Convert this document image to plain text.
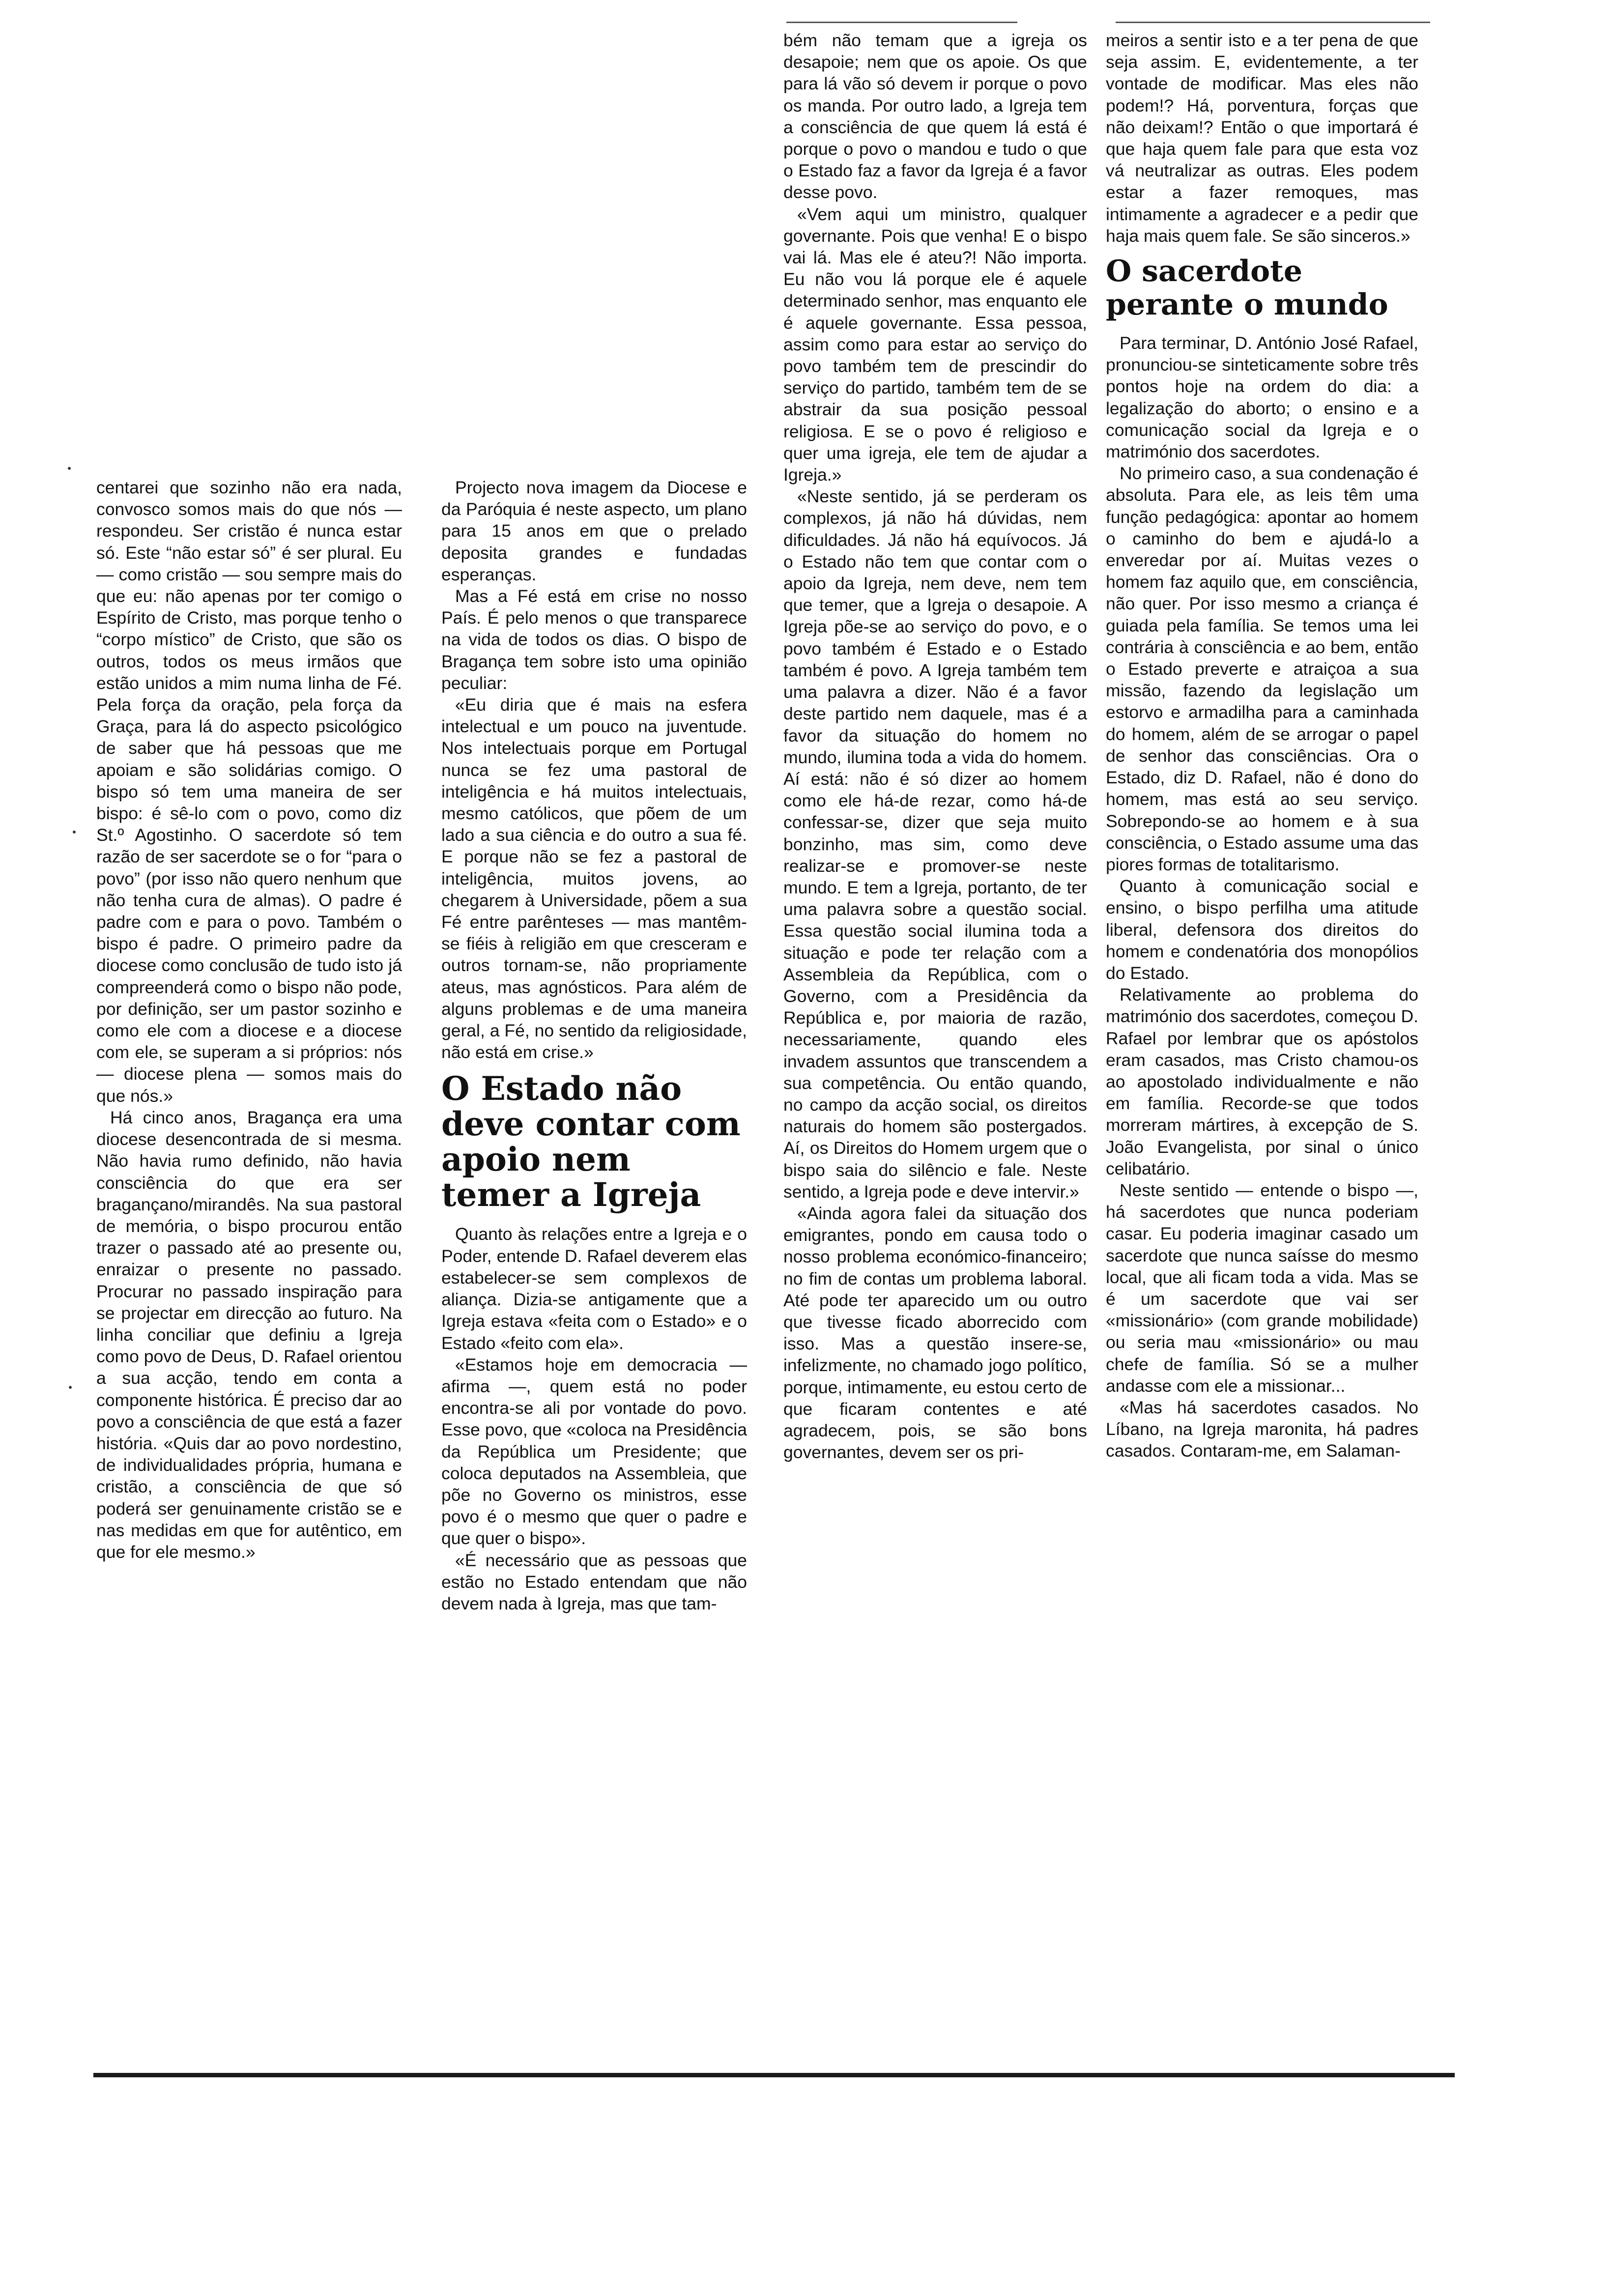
centarei que sozinho não era nada, convosco somos mais do que nós — respondeu. Ser cristão é nunca estar só. Este “não estar só” é ser plural. Eu — como cristão — sou sempre mais do que eu: não apenas por ter comigo o Espírito de Cristo, mas porque tenho o “corpo místico” de Cristo, que são os outros, todos os meus irmãos que estão unidos a mim numa linha de Fé. Pela força da oração, pela força da Graça, para lá do aspecto psicológico de saber que há pessoas que me apoiam e são solidárias comigo. O bispo só tem uma maneira de ser bispo: é sê-lo com o povo, como diz St.º Agostinho. O sacerdote só tem razão de ser sacerdote se o for “para o povo” (por isso não quero nenhum que não tenha cura de almas). O padre é padre com e para o povo. Também o bispo é padre. O primeiro padre da diocese como conclusão de tudo isto já compreenderá como o bispo não pode, por definição, ser um pastor sozinho e como ele com a diocese e a diocese com ele, se superam a si próprios: nós — diocese plena — somos mais do que nós.»

Há cinco anos, Bragança era uma diocese desencontrada de si mesma. Não havia rumo definido, não havia consciência do que era ser bragançano/mirandês. Na sua pastoral de memória, o bispo procurou então trazer o passado até ao presente ou, enraizar o presente no passado. Procurar no passado inspiração para se projectar em direcção ao futuro. Na linha conciliar que definiu a Igreja como povo de Deus, D. Rafael orientou a sua acção, tendo em conta a componente histórica. É preciso dar ao povo a consciência de que está a fazer história. «Quis dar ao povo nordestino, de individualidades própria, humana e cristão, a consciência de que só poderá ser genuinamente cristão se e nas medidas em que for autêntico, em que for ele mesmo.»

Projecto nova imagem da Diocese e da Paróquia é neste aspecto, um plano para 15 anos em que o prelado deposita grandes e fundadas esperanças.

Mas a Fé está em crise no nosso País. É pelo menos o que transparece na vida de todos os dias. O bispo de Bragança tem sobre isto uma opinião peculiar:

«Eu diria que é mais na esfera intelectual e um pouco na juventude. Nos intelectuais porque em Portugal nunca se fez uma pastoral de inteligência e há muitos intelectuais, mesmo católicos, que põem de um lado a sua ciência e do outro a sua fé. E porque não se fez a pastoral de inteligência, muitos jovens, ao chegarem à Universidade, põem a sua Fé entre parênteses — mas mantêm-se fiéis à religião em que cresceram e outros tornam-se, não propriamente ateus, mas agnósticos. Para além de alguns problemas e de uma maneira geral, a Fé, no sentido da religiosidade, não está em crise.»

O Estado não deve contar com apoio nem temer a Igreja

Quanto às relações entre a Igreja e o Poder, entende D. Rafael deverem elas estabelecer-se sem complexos de aliança. Dizia-se antigamente que a Igreja estava «feita com o Estado» e o Estado «feito com ela».

«Estamos hoje em democracia — afirma —, quem está no poder encontra-se ali por vontade do povo. Esse povo, que «coloca na Presidência da República um Presidente; que coloca deputados na Assembleia, que põe no Governo os ministros, esse povo é o mesmo que quer o padre e que quer o bispo».

«É necessário que as pessoas que estão no Estado entendam que não devem nada à Igreja, mas que tam-

bém não temam que a igreja os desapoie; nem que os apoie. Os que para lá vão só devem ir porque o povo os manda. Por outro lado, a Igreja tem a consciência de que quem lá está é porque o povo o mandou e tudo o que o Estado faz a favor da Igreja é a favor desse povo.

«Vem aqui um ministro, qualquer governante. Pois que venha! E o bispo vai lá. Mas ele é ateu?! Não importa. Eu não vou lá porque ele é aquele determinado senhor, mas enquanto ele é aquele governante. Essa pessoa, assim como para estar ao serviço do povo também tem de prescindir do serviço do partido, também tem de se abstrair da sua posição pessoal religiosa. E se o povo é religioso e quer uma igreja, ele tem de ajudar a Igreja.»

«Neste sentido, já se perderam os complexos, já não há dúvidas, nem dificuldades. Já não há equívocos. Já o Estado não tem que contar com o apoio da Igreja, nem deve, nem tem que temer, que a Igreja o desapoie. A Igreja põe-se ao serviço do povo, e o povo também é Estado e o Estado também é povo. A Igreja também tem uma palavra a dizer. Não é a favor deste partido nem daquele, mas é a favor da situação do homem no mundo, ilumina toda a vida do homem. Aí está: não é só dizer ao homem como ele há-de rezar, como há-de confessar-se, dizer que seja muito bonzinho, mas sim, como deve realizar-se e promover-se neste mundo. E tem a Igreja, portanto, de ter uma palavra sobre a questão social. Essa questão social ilumina toda a situação e pode ter relação com a Assembleia da República, com o Governo, com a Presidência da República e, por maioria de razão, necessariamente, quando eles invadem assuntos que transcendem a sua competência. Ou então quando, no campo da acção social, os direitos naturais do homem são postergados. Aí, os Direitos do Homem urgem que o bispo saia do silêncio e fale. Neste sentido, a Igreja pode e deve intervir.»

«Ainda agora falei da situação dos emigrantes, pondo em causa todo o nosso problema económico-financeiro; no fim de contas um problema laboral. Até pode ter aparecido um ou outro que tivesse ficado aborrecido com isso. Mas a questão insere-se, infelizmente, no chamado jogo político, porque, intimamente, eu estou certo de que ficaram contentes e até agradecem, pois, se são bons governantes, devem ser os pri-

meiros a sentir isto e a ter pena de que seja assim. E, evidentemente, a ter vontade de modificar. Mas eles não podem!? Há, porventura, forças que não deixam!? Então o que importará é que haja quem fale para que esta voz vá neutralizar as outras. Eles podem estar a fazer remoques, mas intimamente a agradecer e a pedir que haja mais quem fale. Se são sinceros.»

O sacerdote perante o mundo

Para terminar, D. António José Rafael, pronunciou-se sinteticamente sobre três pontos hoje na ordem do dia: a legalização do aborto; o ensino e a comunicação social da Igreja e o matrimónio dos sacerdotes.

No primeiro caso, a sua condenação é absoluta. Para ele, as leis têm uma função pedagógica: apontar ao homem o caminho do bem e ajudá-lo a enveredar por aí. Muitas vezes o homem faz aquilo que, em consciência, não quer. Por isso mesmo a criança é guiada pela família. Se temos uma lei contrária à consciência e ao bem, então o Estado preverte e atraiçoa a sua missão, fazendo da legislação um estorvo e armadilha para a caminhada do homem, além de se arrogar o papel de senhor das consciências. Ora o Estado, diz D. Rafael, não é dono do homem, mas está ao seu serviço. Sobrepondo-se ao homem e à sua consciência, o Estado assume uma das piores formas de totalitarismo.

Quanto à comunicação social e ensino, o bispo perfilha uma atitude liberal, defensora dos direitos do homem e condenatória dos monopólios do Estado.

Relativamente ao problema do matrimónio dos sacerdotes, começou D. Rafael por lembrar que os apóstolos eram casados, mas Cristo chamou-os ao apostolado individualmente e não em família. Recorde-se que todos morreram mártires, à excepção de S. João Evangelista, por sinal o único celibatário.

Neste sentido — entende o bispo —, há sacerdotes que nunca poderiam casar. Eu poderia imaginar casado um sacerdote que nunca saísse do mesmo local, que ali ficam toda a vida. Mas se é um sacerdote que vai ser «missionário» (com grande mobilidade) ou seria mau «missionário» ou mau chefe de família. Só se a mulher andasse com ele a missionar...

«Mas há sacerdotes casados. No Líbano, na Igreja maronita, há padres casados. Contaram-me, em Salaman-
